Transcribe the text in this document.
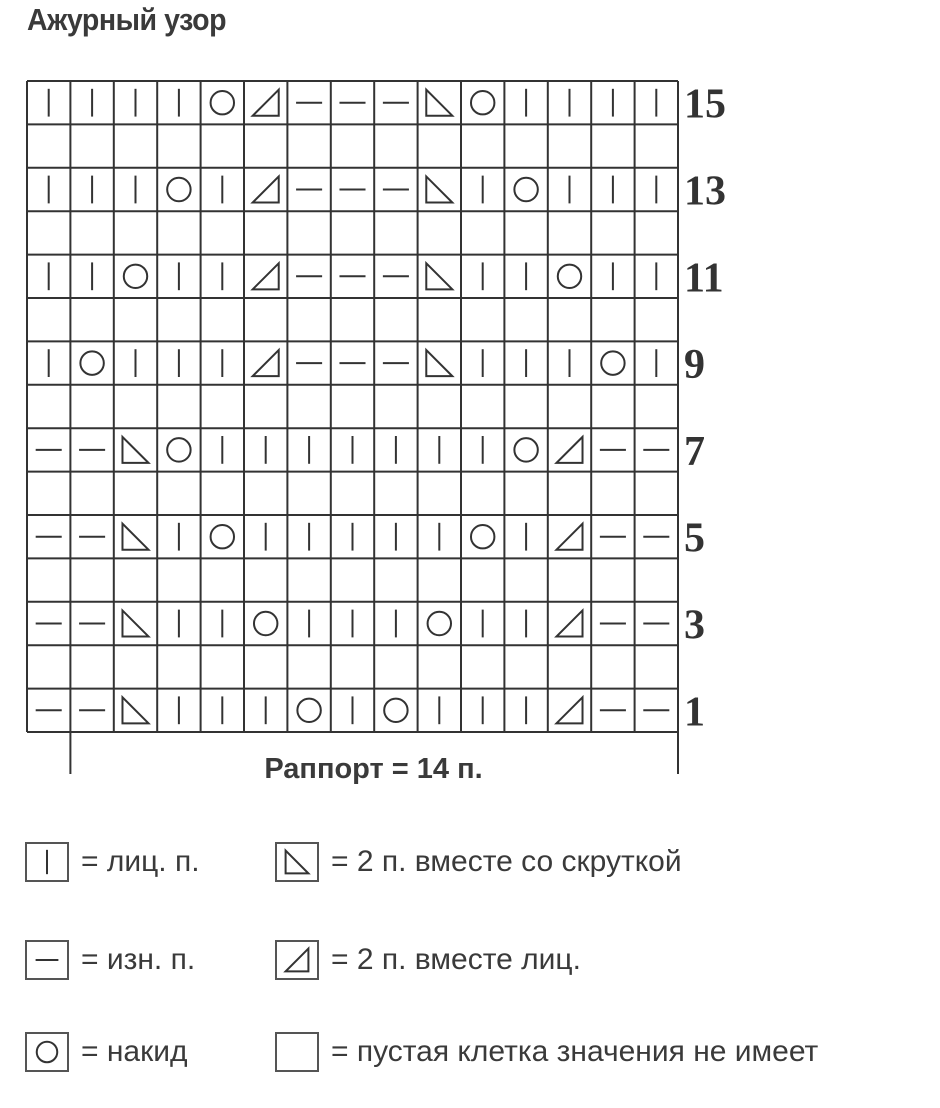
Ажурный узор
15
13
11
9
7
5
3
1
Раппорт = 14 п.
= лиц. п.	= 2 п. вместе со скруткой
= изн. п.	= 2 п. вместе лиц.
= накид	= пустая клетка значения не имеет
